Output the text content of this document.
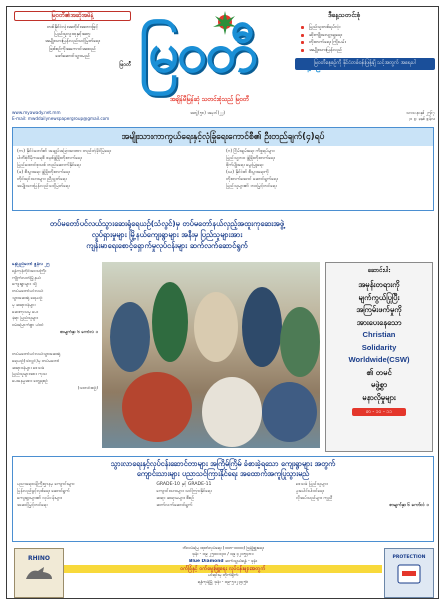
မြဝတီ၏အဆိုအမိန့်
တစ်နိုင်ငံလုံးအတိုင်းအတာဖြင့်
ပြည်သူလူထုနှင့်အတူ
အမျိုးသားပြန်လည်သင့်မြတ်ရေး
ဖြစ်စဉ်ကိုအကောင်အထည်
ဖော်ဆောင်သွားမည်
မြဝတီ မြဝတီ
အချိန်မီမြန်ဆုံ သတင်းစုံသည် မြဝတီ
ဒီနေ့သတင်းစုံ
ပြည်သူတစ်ရပ်လုံး
ဆိုးကျိုးလျော့ချရေး
တိုးတက်ရေး ကြိုးပမ်း
အမျိုးသားပြန်လည်
မြဝတီနေ့စဉ်ကို နိုင်ငံတစ်ဝန်းဖြန့်ချိ သင့်အတွက် အရေးပါ
www.myawady.net.mm
E-mail: mwddailynewspapergroup@gmail.com
အတွဲ(၅၈) အမှတ်(၂၂)	သာသနာနှစ် ၂၅၆၇
၂၀၂၃ ခုနှစ် ဇွန်လ
အမျိုးသားကာကွယ်ရေးနှင့်လုံခြုံရေးကောင်စီ၏ ဦးတည်ချက်(၄)ရပ်
(က) နိုင်ငံတော်၏ အချုပ်အခြာအာဏာ တည်တံ့ခိုင်မြဲရေး
ပါတီစုံဒီမိုကရေစီ စနစ်ဖွံ့ဖြိုးတိုးတက်ရေး
ပြည်ထောင်စုသစ် တည်ဆောက်နိုင်ရေး
(ခ) စီးပွားရေး ဖွံ့ဖြိုးတိုးတက်ရေး
တိုင်းရင်းသားများ ညီညွတ်ရေး
အမျိုးသားပြန်လည်သင့်မြတ်ရေး
(ဂ) ငြိမ်းချမ်းရေး ကိစ္စရပ်များ
ပြည်သူ့ဘဝ ဖွံ့ဖြိုးတိုးတက်ရေး
စိုက်ပျိုးရေး မွေးမြူရေး
(ဃ) နိုင်ငံ၏ စီးပွားရေးကို
တိုးတက်အောင် ဆောင်ရွက်ရေး
ပြည်သူများ၏ ဘဝမြှင့်တင်ရေး
တပ်မတော်ပင်လယ်သွားဆေးရုံရေယဉ်(သံလွင်)မှ တပ်မတော်နယ်လှည့်အထူးကုဆေးအဖွဲ့
လှုပ်ရှားမှုများ မြို့နယ်ကျေးရွာများ အနီးမှ ပြည်သူများအား
ကျန်းမာရေးစောင့်ရှောက်မှုလုပ်ငန်းများ ဆက်လက်ဆောင်ရွက်
နေပြည်တော် ဇွန်လ ၂၅
ရန်ကုန်တိုင်းဒေသကြီး
ကျိုက်လတ်မြို့နယ်
ကျေးရွာများ သို့
တပ်မတော်ပင်လယ်
သွားဆေးရုံ ရေယဉ်
မှ ဆရာဝန်များ
ဆေးကုသမှု ပေး
ခဲ့ရာ ပြည်သူများ
ဝမ်းမြောက်စွာ ပါဝင်
စာမျက်နှာ ၆ ကော်လံ ၁
တပ်မတော်ပင်လယ်သွားဆေးရုံ
ရေယဉ်(သံလွင်)မှ တပ်မတော်
ဆရာဝန်များ ဒေသခံ
ပြည်သူများအား ကုသ
ပေးနေမှုအား တွေ့ရစဉ်
(သတင်းစဉ်)
ဆောင်းပါး
အမုန်းတရားကို
မျက်ကွယ်ပြုပြီး
အကြမ်းဖက်မှုကို
အားပေးနေသော
Christian
Solidarity
Worldwide(CSW)
၏ တမင်
မဖွဲ့စွာ
မနာလိုမှုများ
စာ - ၁၀ - ၁၁
သွားလာရေးနှင့်လုပ်ငန်းဆောင်တာများ အကြိမ်ကြိမ် ခံစားခဲ့ရသော ကျေးရွာများ အတွက်
ကျောင်းသားများ ပညာသင်ကြားနိုင်ရေး အထောက်အကူပြုသွားမည်
ပညာရေးဝန်ကြီးဌာနမှ ကျောင်းများ
ပြန်လည်ဖွင့်လှစ်ရေး ဆောင်ရွက်
ကျေးရွာများ၏ လုပ်ငန်းများ
အဆင့်မြှင့်တင်ရေး
GRADE-10 နှင့် GRADE-11
ကျောင်းသားများ သင်ကြားနိုင်ရေး
ဆရာ ဆရာမများ စီစဉ်
ဆက်လက်ဆောင်ရွက်
ဒေသခံ ပြည်သူများ
ပူးပေါင်းပါဝင်ရေး
လိုအပ်သည်များ ကူညီ
စာမျက်နှာ ၆ ကော်လံ ၁
RHINO
ဘိလပ်မြေ ထုတ်လုပ်ရေး (၁၀၈-၁၀၀၀) ဖြန့်ဖြူးရေး
ဖုန်း - ၀၉ ၂၅၀၀၁၃၀ / ၀၉ ၄၂၀၅၄၈၁
Blue Diamond ဆက်သွယ်ရန် - ဖုန်း
ဝက်ခြံနှင့် ဝက်မွေးမြူရေး လုပ်ငန်းများအတွက်
ပင်ရင်းမှ တိုက်ရိုက်
ရန်ကုန်မြို့ ဖုန်း - ၀၉-၅၁၂၃၄၅၆
PROTECTION
